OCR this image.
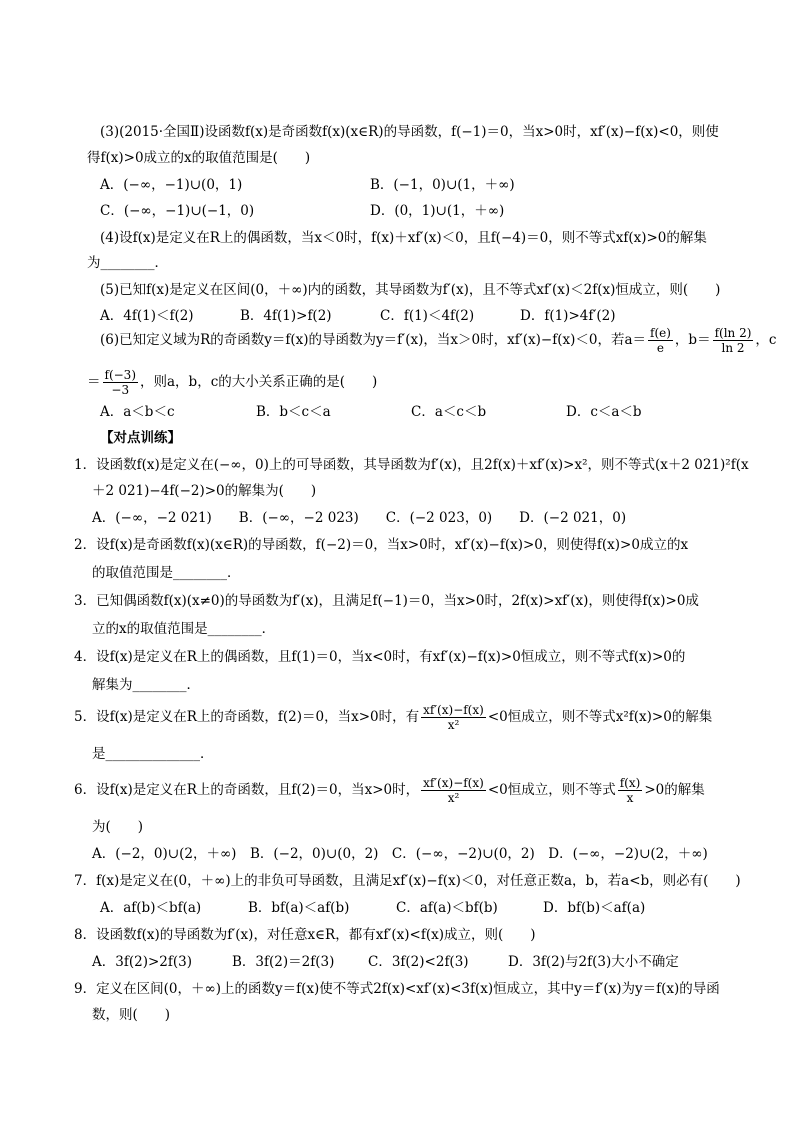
(3)(2015·全国Ⅱ)设函数f(x)是奇函数f(x)(x∈R)的导函数，f(−1)＝0，当x>0时，xf′(x)−f(x)<0，则使
得f(x)>0成立的x的取值范围是(　　)
A．(−∞，−1)∪(0，1)	B．(−1，0)∪(1，＋∞)
C．(−∞，−1)∪(−1，0)	D．(0，1)∪(1，＋∞)
(4)设f(x)是定义在R上的偶函数，当x＜0时，f(x)＋xf′(x)＜0，且f(−4)＝0，则不等式xf(x)>0的解集
为________．
(5)已知f(x)是定义在区间(0，＋∞)内的函数，其导函数为f′(x)，且不等式xf′(x)＜2f(x)恒成立，则(　　)
A．4f(1)＜f(2)	B．4f(1)>f(2)	C．f(1)＜4f(2)	D．f(1)>4f′(2)
(6)已知定义域为R的奇函数y＝f(x)的导函数为y＝f′(x)，当x＞0时，xf′(x)−f(x)＜0，若$a= \frac{f(e)}{e}$ ，$b= \frac{f(\ln 2)}{\ln 2}$ ，c
＝ $\frac{f(-3)}{-3}$ ，则a，b，c的大小关系正确的是(　　)
A．a＜b＜c	B．b＜c＜a	C．a＜c＜b	D．c＜a＜b
【对点训练】
1．设函数f(x)是定义在(−∞，0)上的可导函数，其导函数为f′(x)，且2f(x)＋xf′(x)>x²，则不等式(x＋2 021)²f(x
＋2 021)−4f(−2)>0的解集为(　　)
A．(−∞，−2 021)　　B．(−∞，−2 023)　　C．(−2 023，0)　　D．(−2 021，0)
2．设f(x)是奇函数f(x)(x∈R)的导函数，f(−2)＝0，当x>0时，xf′(x)−f(x)>0，则使得f(x)>0成立的x
的取值范围是________．
3．已知偶函数f(x)(x≠0)的导函数为f′(x)，且满足f(−1)＝0，当x>0时，2f(x)>xf′(x)，则使得f(x)>0成
立的x的取值范围是________．
4．设f(x)是定义在R上的偶函数，且f(1)＝0，当x<0时，有xf′(x)−f(x)>0恒成立，则不等式f(x)>0的
解集为________．
5．设f(x)是定义在R上的奇函数，f(2)＝0，当x>0时，有 $\frac{xf'(x)-f(x)}{\text{x²}} <0$恒成立，则不等式x²f(x)>0的解集
是______________．
6．设f(x)是定义在R上的奇函数，且f(2)＝0，当x>0时， $\frac{xf'(x)-f(x)}{\text{x²}} <0$恒成立，则不等式 $\frac{f(x)}{x} >0$的解集
为(　　)
A．(−2，0)∪(2，＋∞)　B．(−2，0)∪(0，2)　C．(−∞，−2)∪(0，2)　D．(−∞，−2)∪(2，＋∞)
7．f(x)是定义在(0，＋∞)上的非负可导函数，且满足xf′(x)−f(x)＜0，对任意正数a，b，若a<b，则必有(　　)
A．af(b)＜bf(a)	B．bf(a)＜af(b)	C．af(a)＜bf(b)	D．bf(b)＜af(a)
8．设函数f(x)的导函数为f′(x)，对任意x∈R，都有xf′(x)<f(x)成立，则(　　)
A．3f(2)>2f(3)	B．3f(2)＝2f(3) C．3f(2)<2f(3)	D．3f(2)与2f(3)大小不确定
9．定义在区间(0，＋∞)上的函数y＝f(x)使不等式2f(x)<xf′(x)<3f(x)恒成立，其中y＝f′(x)为y＝f(x)的导函
数，则(　　)
